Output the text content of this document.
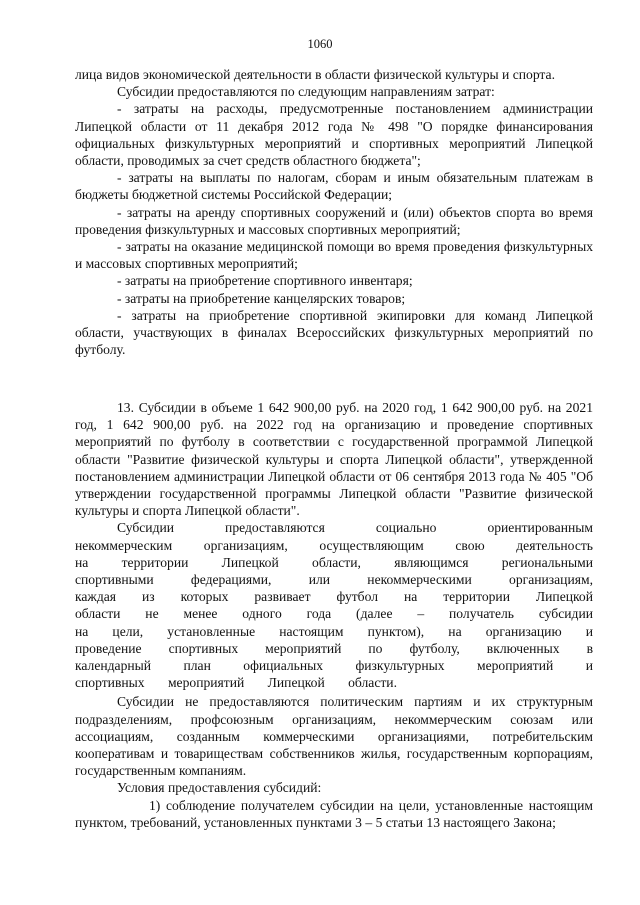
1060

лица видов экономической деятельности в области физической культуры и спорта.

Субсидии предоставляются по следующим направлениям затрат:

- затраты на расходы, предусмотренные постановлением администрации Липецкой области от 11 декабря 2012 года № 498 "О порядке финансирования официальных физкультурных мероприятий и спортивных мероприятий Липецкой области, проводимых за счет средств областного бюджета";

- затраты на выплаты по налогам, сборам и иным обязательным платежам в бюджеты бюджетной системы Российской Федерации;

- затраты на аренду спортивных сооружений и (или) объектов спорта во время проведения физкультурных и массовых спортивных мероприятий;

- затраты на оказание медицинской помощи во время проведения физкультурных и массовых спортивных мероприятий;

- затраты на приобретение спортивного инвентаря;

- затраты на приобретение канцелярских товаров;

- затраты на приобретение спортивной экипировки для команд Липецкой области, участвующих в финалах Всероссийских физкультурных мероприятий по футболу.

13. Субсидии в объеме 1 642 900,00 руб. на 2020 год, 1 642 900,00 руб. на 2021 год, 1 642 900,00 руб. на 2022 год на организацию и проведение спортивных мероприятий по футболу в соответствии с государственной программой Липецкой области "Развитие физической культуры и спорта Липецкой области", утвержденной постановлением администрации Липецкой области от 06 сентября 2013 года № 405 "Об утверждении государственной программы Липецкой области "Развитие физической культуры и спорта Липецкой области".

Субсидии предоставляются социально ориентированным некоммерческим организациям, осуществляющим свою деятельность на территории Липецкой области, являющимся региональными спортивными федерациями, или некоммерческими организациям, каждая из которых развивает футбол на территории Липецкой области не менее одного года (далее – получатель субсидии на цели, установленные настоящим пунктом), на организацию и проведение спортивных мероприятий по футболу, включенных в календарный план официальных физкультурных мероприятий и спортивных мероприятий Липецкой области.

Субсидии не предоставляются политическим партиям и их структурным подразделениям, профсоюзным организациям, некоммерческим союзам или ассоциациям, созданным коммерческими организациями, потребительским кооперативам и товариществам собственников жилья, государственным корпорациям, государственным компаниям.

Условия предоставления субсидий:

1) соблюдение получателем субсидии на цели, установленные настоящим пунктом, требований, установленных пунктами 3 – 5 статьи 13 настоящего Закона;
